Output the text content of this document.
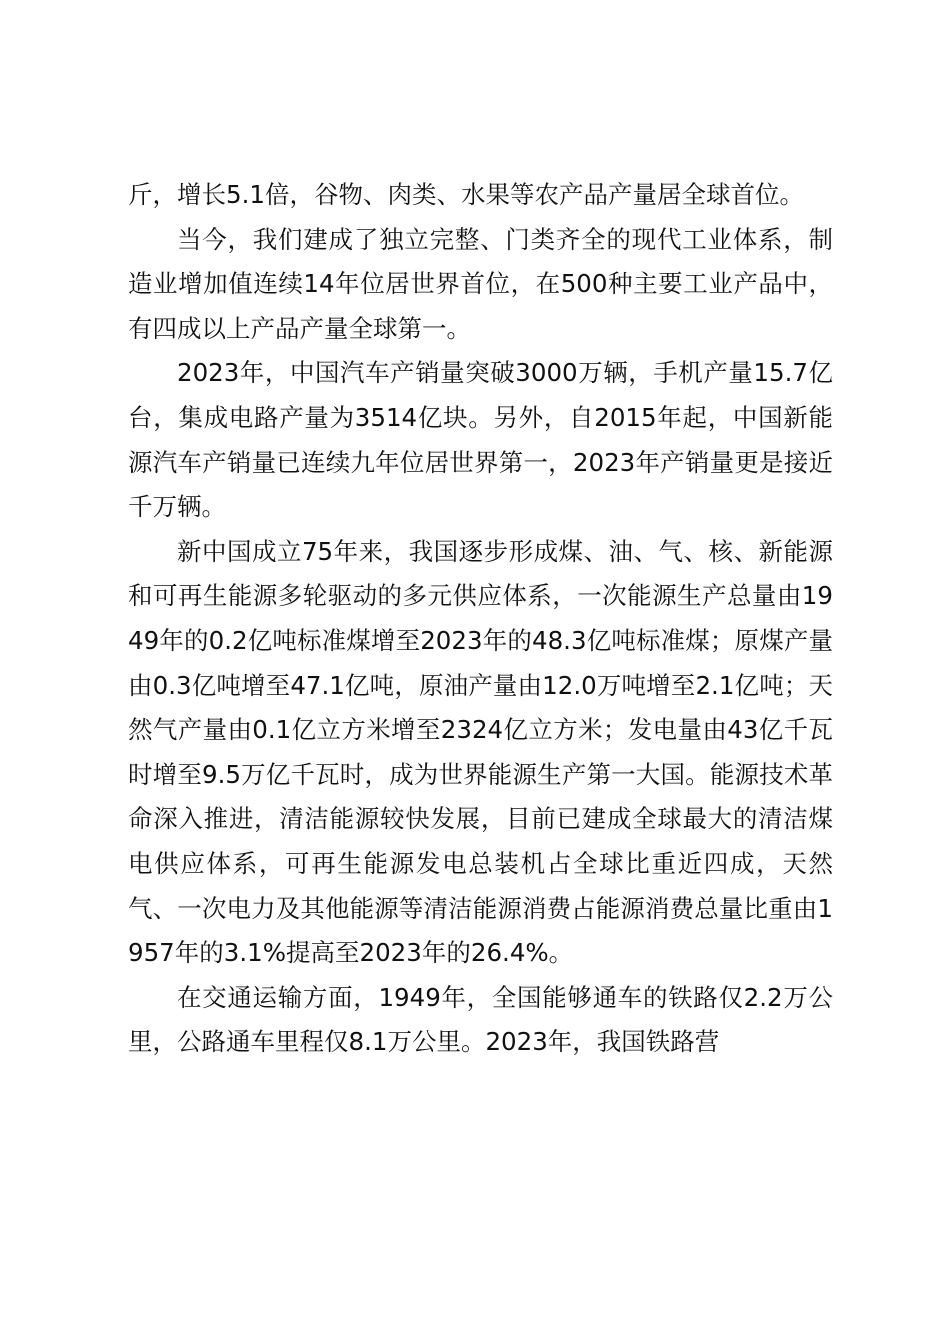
斤，增长5.1倍，谷物、肉类、水果等农产品产量居全球首位。

当今，我们建成了独立完整、门类齐全的现代工业体系，制造业增加值连续14年位居世界首位，在500种主要工业产品中，有四成以上产品产量全球第一。

2023年，中国汽车产销量突破3000万辆，手机产量15.7亿台，集成电路产量为3514亿块。另外，自2015年起，中国新能源汽车产销量已连续九年位居世界第一，2023年产销量更是接近千万辆。

新中国成立75年来，我国逐步形成煤、油、气、核、新能源和可再生能源多轮驱动的多元供应体系，一次能源生产总量由1949年的0.2亿吨标准煤增至2023年的48.3亿吨标准煤；原煤产量由0.3亿吨增至47.1亿吨，原油产量由12.0万吨增至2.1亿吨；天然气产量由0.1亿立方米增至2324亿立方米；发电量由43亿千瓦时增至9.5万亿千瓦时，成为世界能源生产第一大国。能源技术革命深入推进，清洁能源较快发展，目前已建成全球最大的清洁煤电供应体系，可再生能源发电总装机占全球比重近四成，天然气、一次电力及其他能源等清洁能源消费占能源消费总量比重由1957年的3.1%提高至2023年的26.4%。

在交通运输方面，1949年，全国能够通车的铁路仅2.2万公里，公路通车里程仅8.1万公里。2023年，我国铁路营
